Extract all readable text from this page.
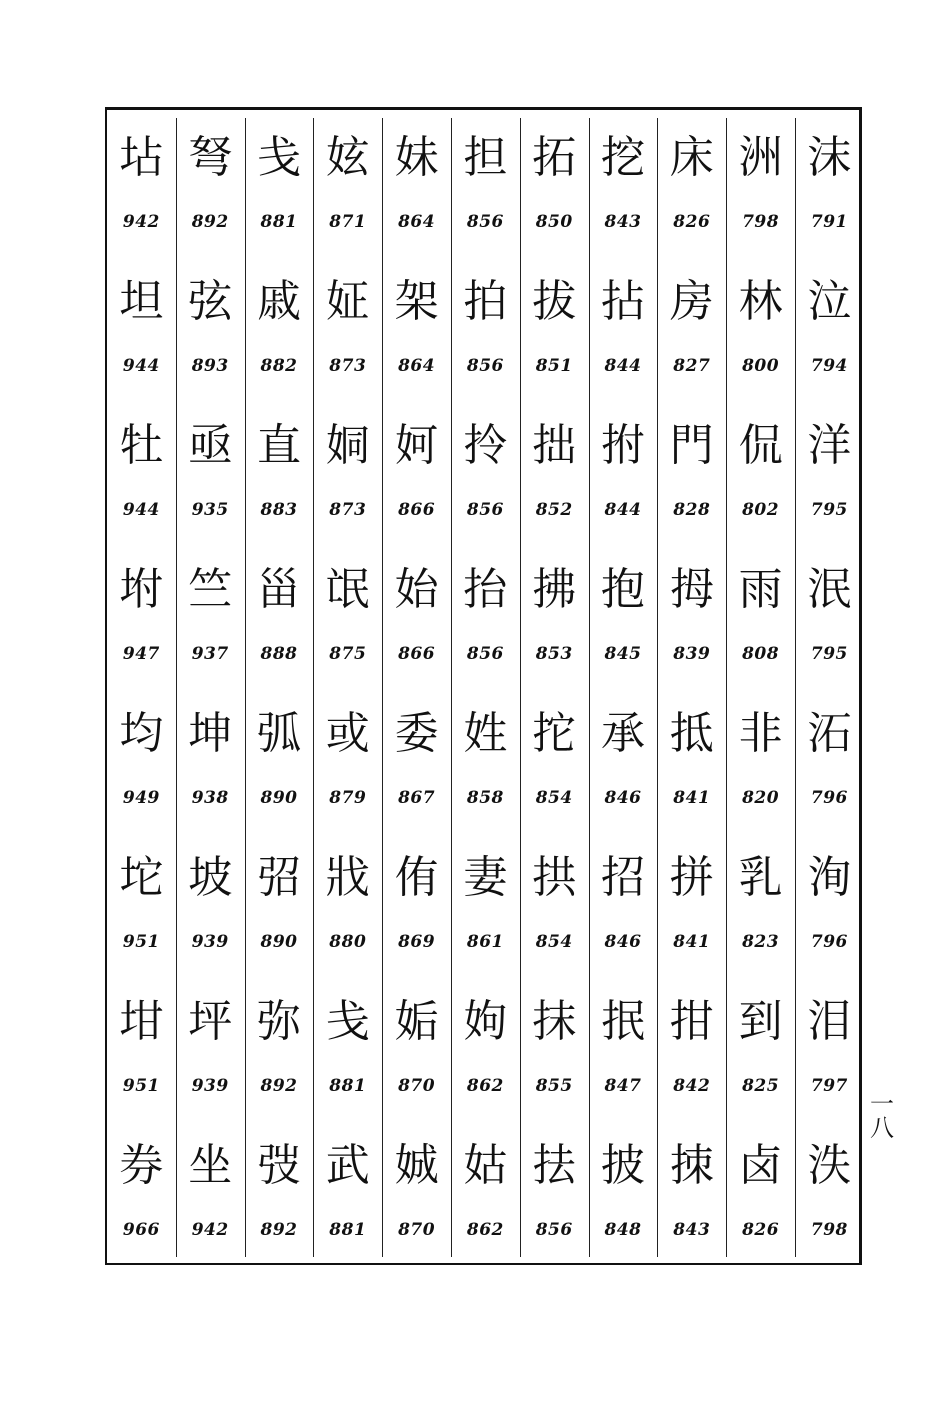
沫
791
泣
794
洋
795
泯
795
沰
796
洵
796
泪
797
泆
798
洲
798
林
800
侃
802
雨
808
非
820
乳
823
到
825
卤
826
床
826
房
827
門
828
拇
839
抵
841
拼
841
拑
842
拺
843
挖
843
拈
844
拊
844
抱
845
承
846
招
846
抿
847
披
848
拓
850
拔
851
拙
852
拂
853
拕
854
拱
854
抹
855
抾
856
担
856
拍
856
拎
856
抬
856
姓
858
妻
861
姁
862
姑
862
妹
864
架
864
妸
866
始
866
委
867
侑
869
姤
870
娍
870
妶
871
姃
873
姛
873
氓
875
或
879
戕
880
戋
881
武
881
戋
881
戚
882
直
883
甾
888
弧
890
弨
890
弥
892
弢
892
弩
892
弦
893
亟
935
竺
937
坤
938
坡
939
坪
939
坐
942
坫
942
坦
944
牡
944
坿
947
均
949
坨
951
坩
951
券
966
一
八
